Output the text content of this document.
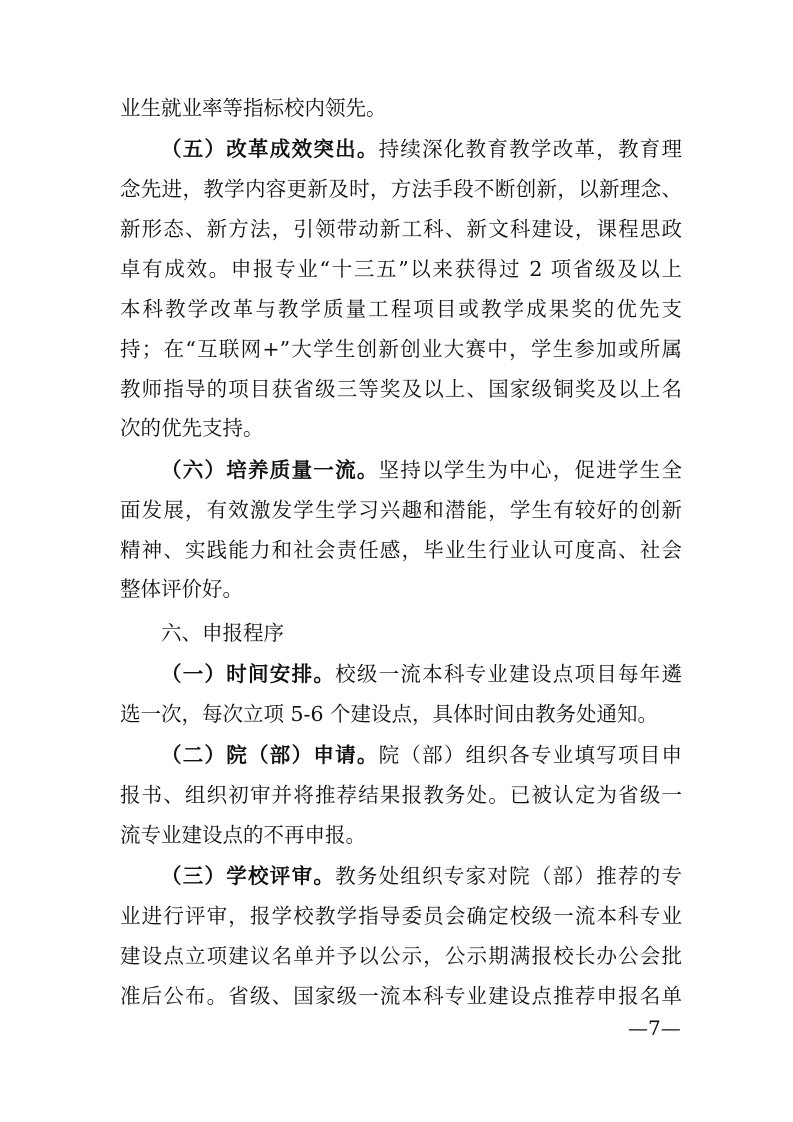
业生就业率等指标校内领先。
（五）改革成效突出。持续深化教育教学改革，教育理
念先进，教学内容更新及时，方法手段不断创新，以新理念、
新形态、新方法，引领带动新工科、新文科建设，课程思政
卓有成效。申报专业“十三五”以来获得过 2 项省级及以上
本科教学改革与教学质量工程项目或教学成果奖的优先支
持；在“互联网+”大学生创新创业大赛中，学生参加或所属
教师指导的项目获省级三等奖及以上、国家级铜奖及以上名
次的优先支持。
（六）培养质量一流。坚持以学生为中心，促进学生全
面发展，有效激发学生学习兴趣和潜能，学生有较好的创新
精神、实践能力和社会责任感，毕业生行业认可度高、社会
整体评价好。
六、申报程序
（一）时间安排。校级一流本科专业建设点项目每年遴
选一次，每次立项 5-6 个建设点，具体时间由教务处通知。
（二）院（部）申请。院（部）组织各专业填写项目申
报书、组织初审并将推荐结果报教务处。已被认定为省级一
流专业建设点的不再申报。
（三）学校评审。教务处组织专家对院（部）推荐的专
业进行评审，报学校教学指导委员会确定校级一流本科专业
建设点立项建议名单并予以公示，公示期满报校长办公会批
准后公布。省级、国家级一流本科专业建设点推荐申报名单
—7—
